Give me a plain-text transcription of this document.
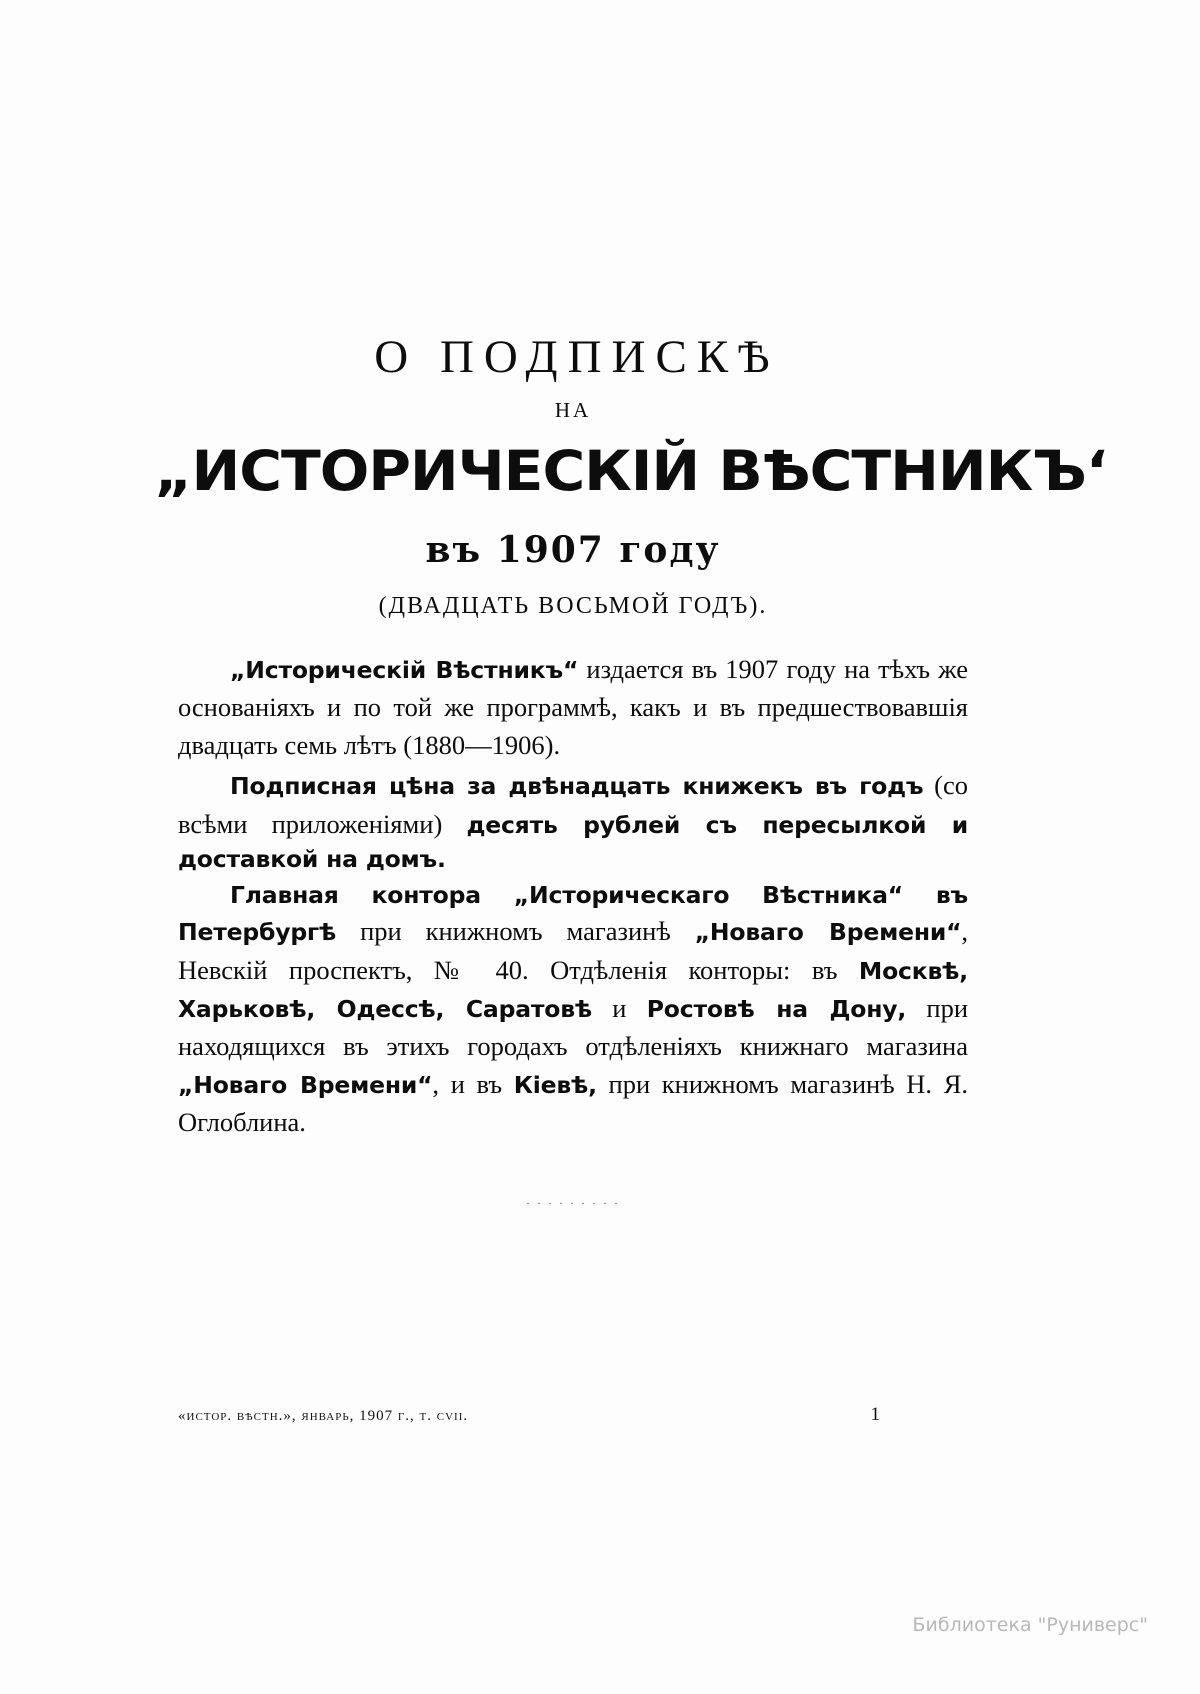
О ПОДПИСКѢ
НА
„ИСТОРИЧЕСКІЙ ВѢСТНИКЪ‘
въ 1907 году
(ДВАДЦАТЬ ВОСЬМОЙ ГОДЪ).

„Историческій Вѣстникъ“ издается въ 1907 году на тѣхъ же основаніяхъ и по той же программѣ, какъ и въ предшествовавшія двадцать семь лѣтъ (1880—1906).

Подписная цѣна за двѣнадцать книжекъ въ годъ (со всѣми приложеніями) десять рублей съ пересылкой и доставкой на домъ.

Главная контора „Историческаго Вѣстника“ въ Петербургѣ при книжномъ магазинѣ „Новаго Времени“, Невскій проспектъ, № 40. Отдѣленія конторы: въ Москвѣ, Харьковѣ, Одессѣ, Саратовѣ и Ростовѣ на Дону, при находящихся въ этихъ городахъ отдѣленіяхъ книжнаго магазина „Новаго Времени“, и въ Кіевѣ, при книжномъ магазинѣ Н. Я. Оглоблина.

· · · · · · · · ·
«истор. вѣстн.», январь, 1907 г., т. cvii.	1
Библиотека "Руниверс"
